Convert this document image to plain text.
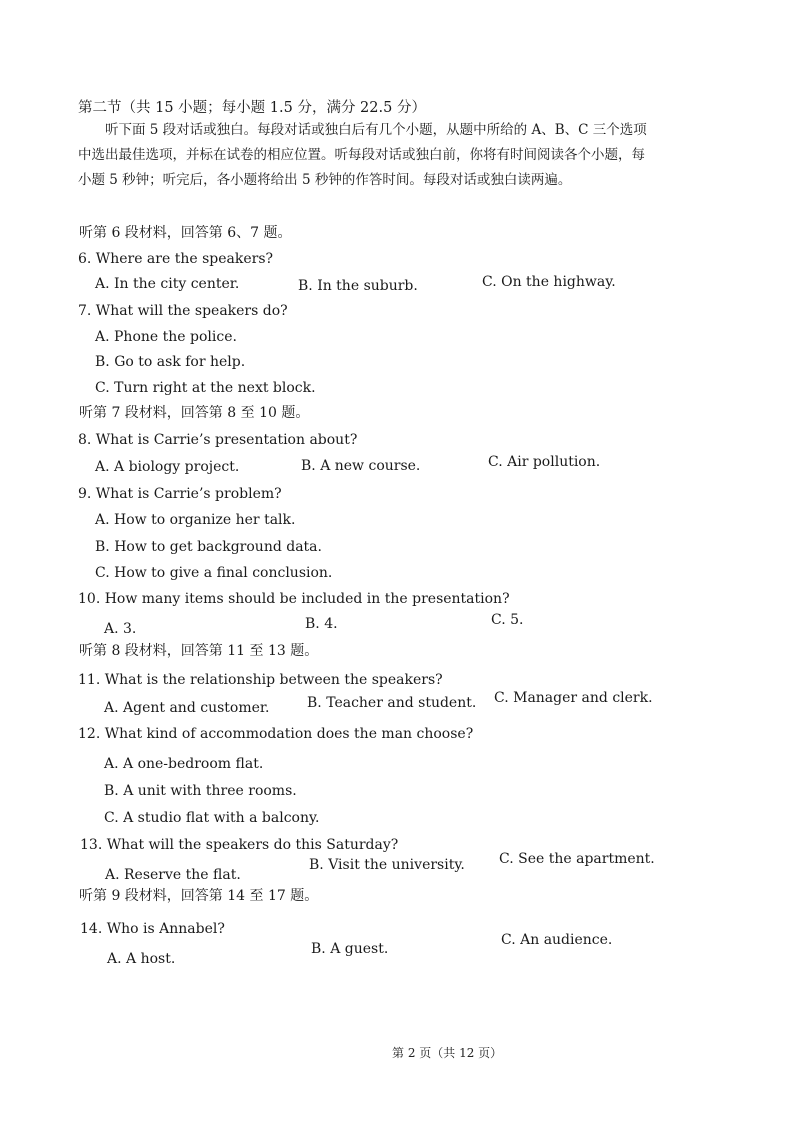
第二节（共 15 小题；每小题 1.5 分，满分 22.5 分）
　　听下面 5 段对话或独白。每段对话或独白后有几个小题，从题中所给的 A、B、C 三个选项
中选出最佳选项，并标在试卷的相应位置。听每段对话或独白前，你将有时间阅读各个小题，每
小题 5 秒钟；听完后，各小题将给出 5 秒钟的作答时间。每段对话或独白读两遍。
听第 6 段材料，回答第 6、7 题。
6. Where are the speakers?
A. In the city center.	B. In the suburb.	C. On the highway.
7. What will the speakers do?
A. Phone the police.
B. Go to ask for help.
C. Turn right at the next block.
听第 7 段材料，回答第 8 至 10 题。
8. What is Carrie’s presentation about?
A. A biology project.	B. A new course.	C. Air pollution.
9. What is Carrie’s problem?
A. How to organize her talk.
B. How to get background data.
C. How to give a final conclusion.
10. How many items should be included in the presentation?
A. 3.	B. 4.	C. 5.
听第 8 段材料，回答第 11 至 13 题。
11. What is the relationship between the speakers?
A. Agent and customer.	B. Teacher and student. C. Manager and clerk.
12. What kind of accommodation does the man choose?
A. A one-bedroom flat.
B. A unit with three rooms.
C. A studio flat with a balcony.
13. What will the speakers do this Saturday?
A. Reserve the flat.
B. Visit the university. C. See the apartment.
听第 9 段材料，回答第 14 至 17 题。
14. Who is Annabel?
A. A host.
B. A guest.
C. An audience.
第 2 页（共 12 页）
